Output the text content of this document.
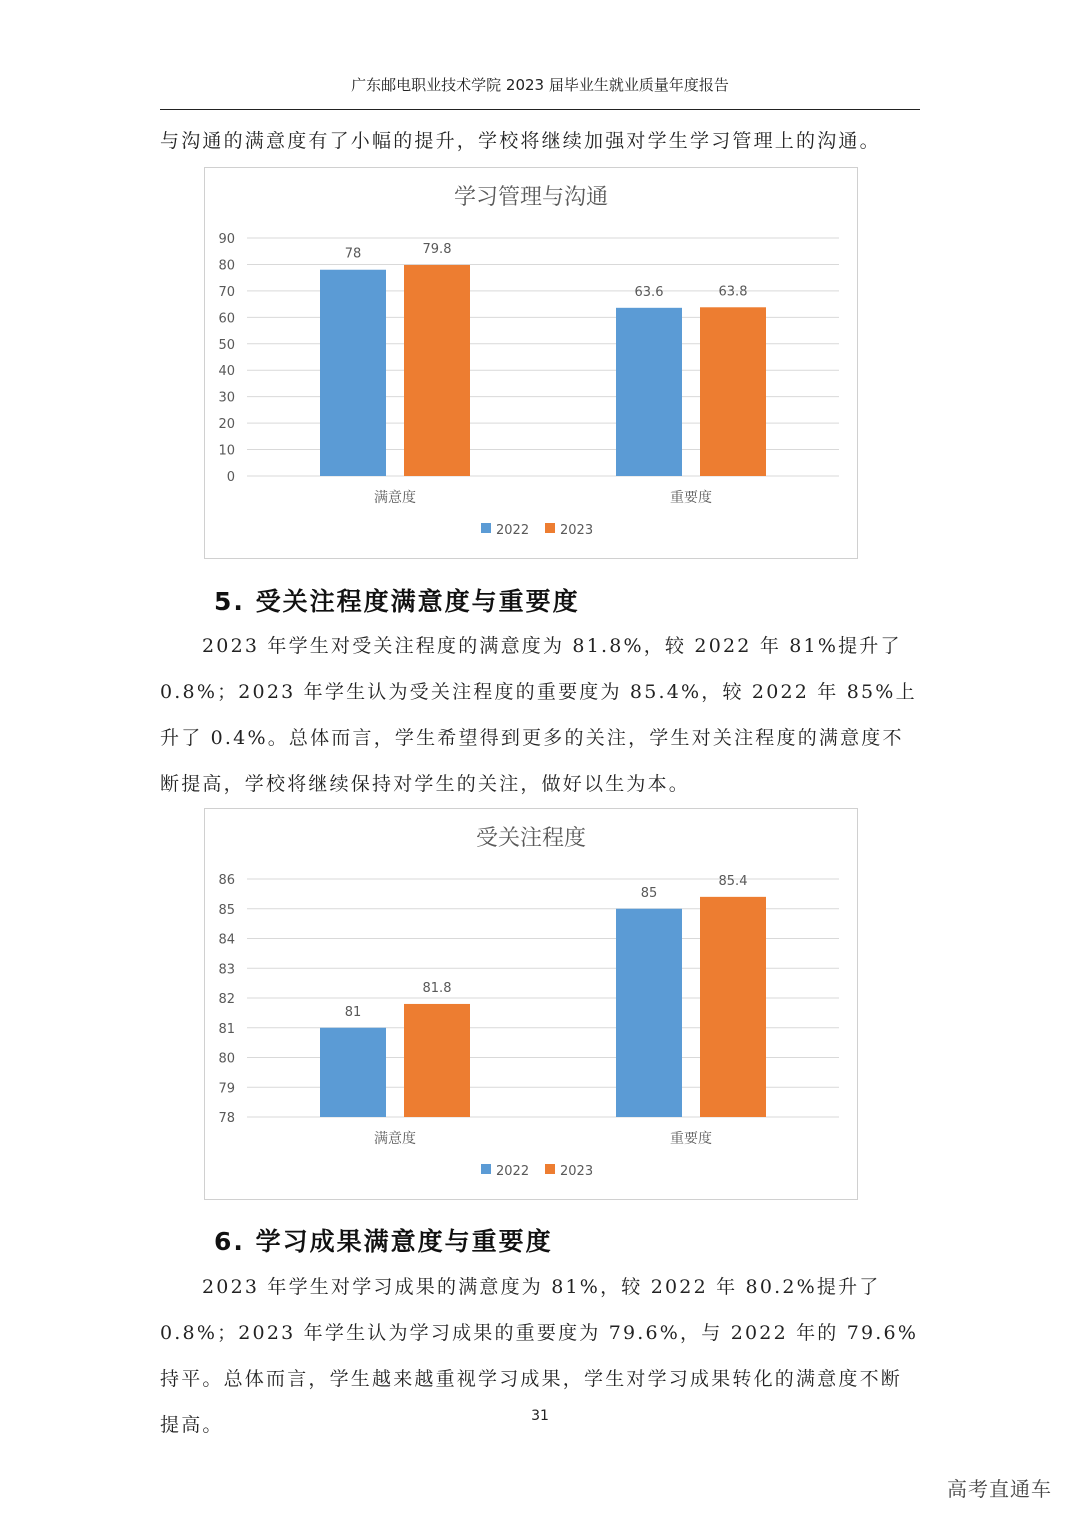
广东邮电职业技术学院 2023 届毕业生就业质量年度报告

与沟通的满意度有了小幅的提升，学校将继续加强对学生学习管理上的沟通。

学习管理与沟通
0
10
20
30
40
50
60
70
80
90
78	79.8
满意度
63.6	63.8
重要度
2022 2023
5. 受关注程度满意度与重要度

2023 年学生对受关注程度的满意度为 81.8%，较 2022 年 81%提升了 0.8%；2023 年学生认为受关注程度的重要度为 85.4%，较 2022 年 85%上升了 0.4%。总体而言，学生希望得到更多的关注，学生对关注程度的满意度不断提高，学校将继续保持对学生的关注，做好以生为本。

受关注程度
78
79
80
81
82
83
84
85
86
81
81.8
满意度
85
85.4
重要度
2022 2023
6. 学习成果满意度与重要度

2023 年学生对学习成果的满意度为 81%，较 2022 年 80.2%提升了 0.8%；2023 年学生认为学习成果的重要度为 79.6%，与 2022 年的 79.6%持平。总体而言，学生越来越重视学习成果，学生对学习成果转化的满意度不断提高。	31
高考直通车
